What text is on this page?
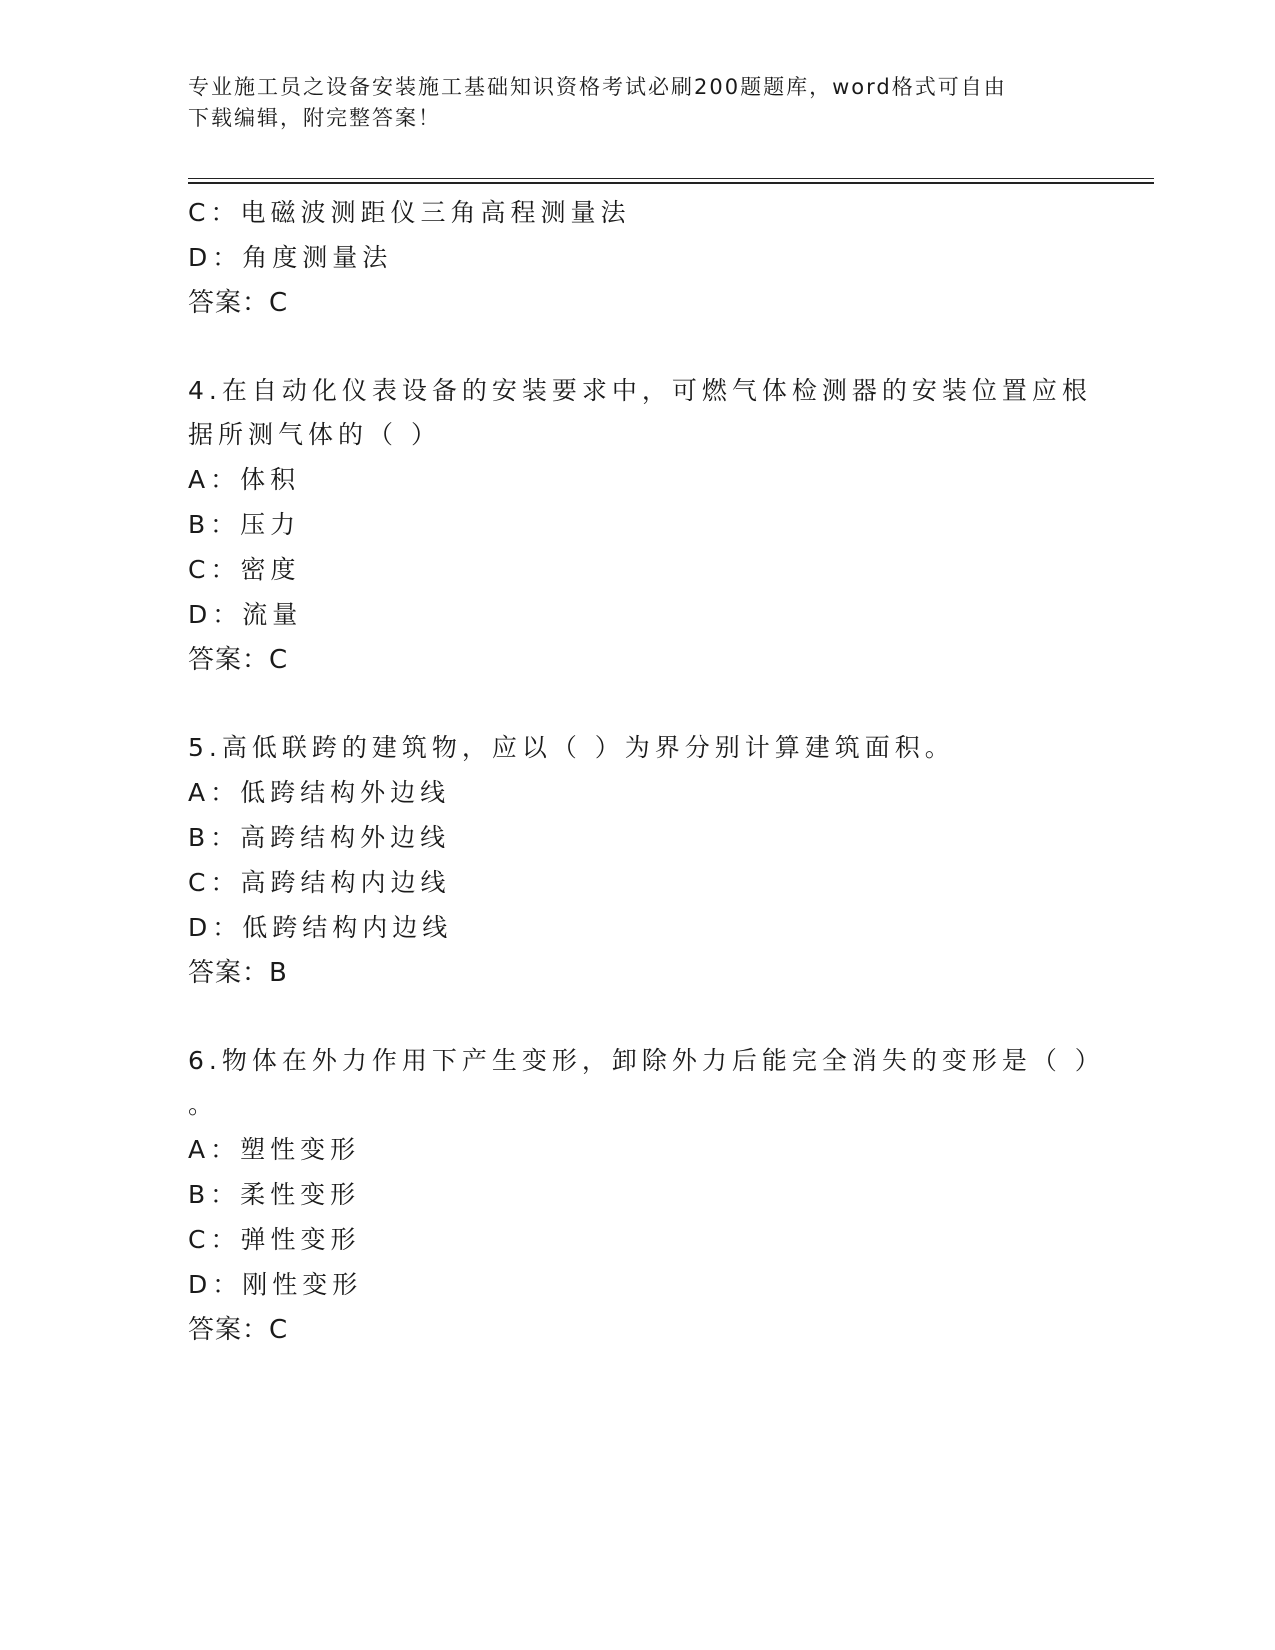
专业施工员之设备安装施工基础知识资格考试必刷200题题库，word格式可自由
下载编辑，附完整答案！
C：电磁波测距仪三角高程测量法
D：角度测量法
答案：C
4.在自动化仪表设备的安装要求中，可燃气体检测器的安装位置应根
据所测气体的（ ）
A：体积
B：压力
C：密度
D：流量
答案：C
5.高低联跨的建筑物，应以（ ）为界分别计算建筑面积。
A：低跨结构外边线
B：高跨结构外边线
C：高跨结构内边线
D：低跨结构内边线
答案：B
6.物体在外力作用下产生变形，卸除外力后能完全消失的变形是（ ）
。
A：塑性变形
B：柔性变形
C：弹性变形
D：刚性变形
答案：C
